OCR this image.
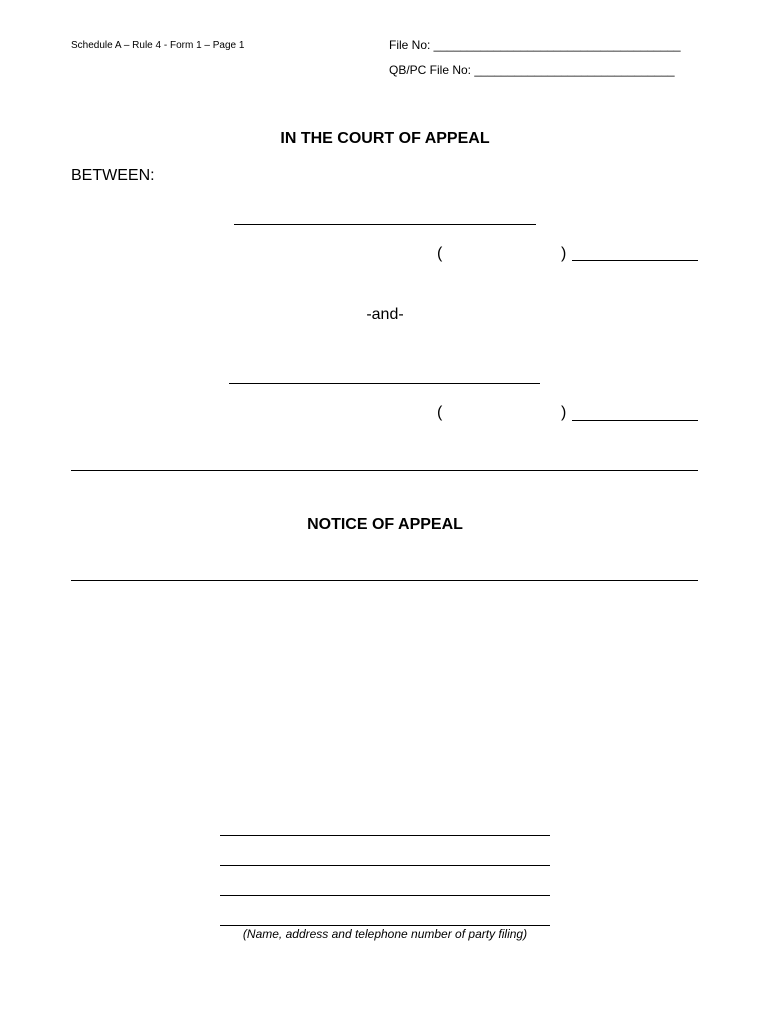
Schedule A – Rule 4 - Form 1 – Page 1	File No: _____________________________________
QB/PC File No: ______________________________
IN THE COURT OF APPEAL
BETWEEN:
(	)
-and-
(	)
NOTICE OF APPEAL
(Name, address and telephone number of party filing)
